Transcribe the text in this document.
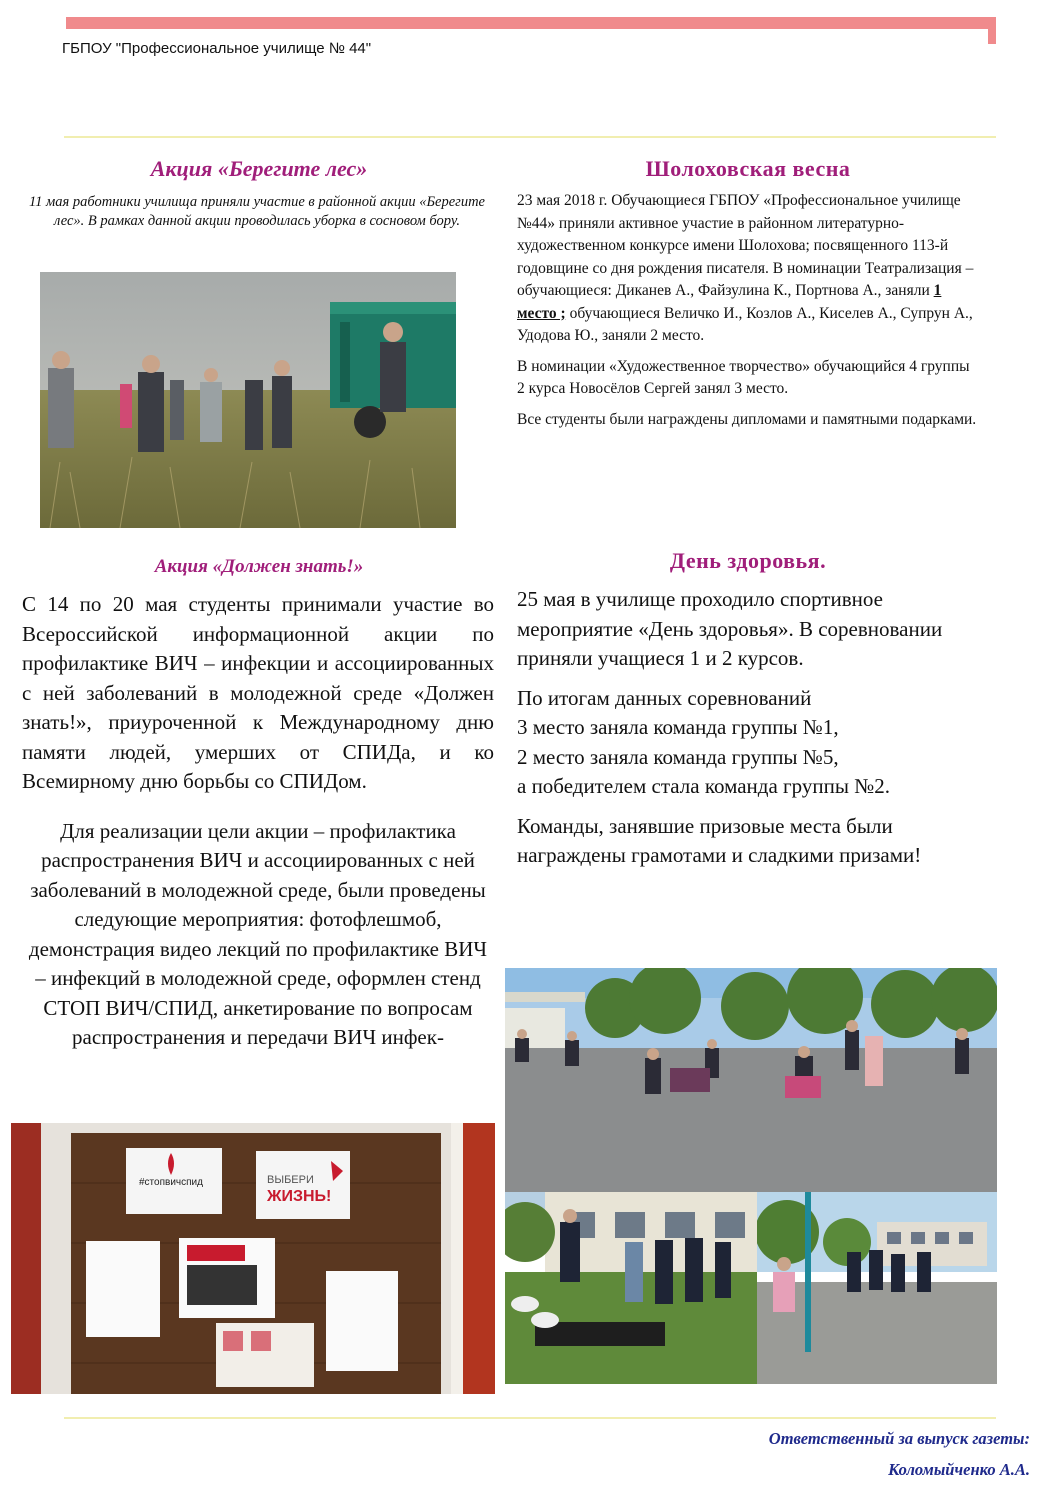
ГБПОУ "Профессиональное училище № 44"
Акция «Берегите лес»
11 мая работники училища приняли участие в районной акции «Берегите лес». В рамках данной акции проводилась уборка в сосновом бору.
Акция «Должен знать!»

С 14 по 20 мая студенты принимали участие во Всероссийской информационной акции по профилактике ВИЧ – инфекции и ассоциированных с ней заболеваний в молодежной среде «Должен знать!», приуроченной к Международному дню памяти людей, умерших от СПИДа, и ко Всемирному дню борьбы со СПИДом.

Для реализации цели акции – профилактика распространения ВИЧ и ассоциированных с ней заболеваний в молодежной среде, были проведены следующие мероприятия: фотофлешмоб, демонстрация видео лекций по профилактике ВИЧ – инфекций в молодежной среде, оформлен стенд СТОП ВИЧ/СПИД, анкетирование по вопросам распространения и передачи ВИЧ инфек-

#стопвичспид	ВЫБЕРИ
ЖИЗНЬ!
Шолоховская весна

23 мая 2018 г. Обучающиеся ГБПОУ «Профессиональное училище №44» приняли активное участие в районном литературно-художественном конкурсе имени Шолохова; посвященного 113-й годовщине со дня рождения писателя. В номинации Театрализация – обучающиеся: Диканев А., Файзулина К., Портнова А., заняли 1 место ; обучающиеся Величко И., Козлов А., Киселев А., Супрун А., Удодова Ю., заняли 2 место.

В номинации «Художественное творчество» обучающийся 4 группы 2 курса Новосёлов Сергей занял 3 место.

Все студенты были награждены дипломами и памятными подарками.

День здоровья.

25 мая в училище проходило спортивное мероприятие «День здоровья». В соревновании приняли учащиеся 1 и 2 курсов.

По итогам данных соревнований
3 место заняла команда группы №1,
2 место заняла команда группы №5,
а победителем стала команда группы №2.

Команды, занявшие призовые места были награждены грамотами и сладкими призами!

Ответственный за выпуск газеты:
Коломыйченко А.А.
